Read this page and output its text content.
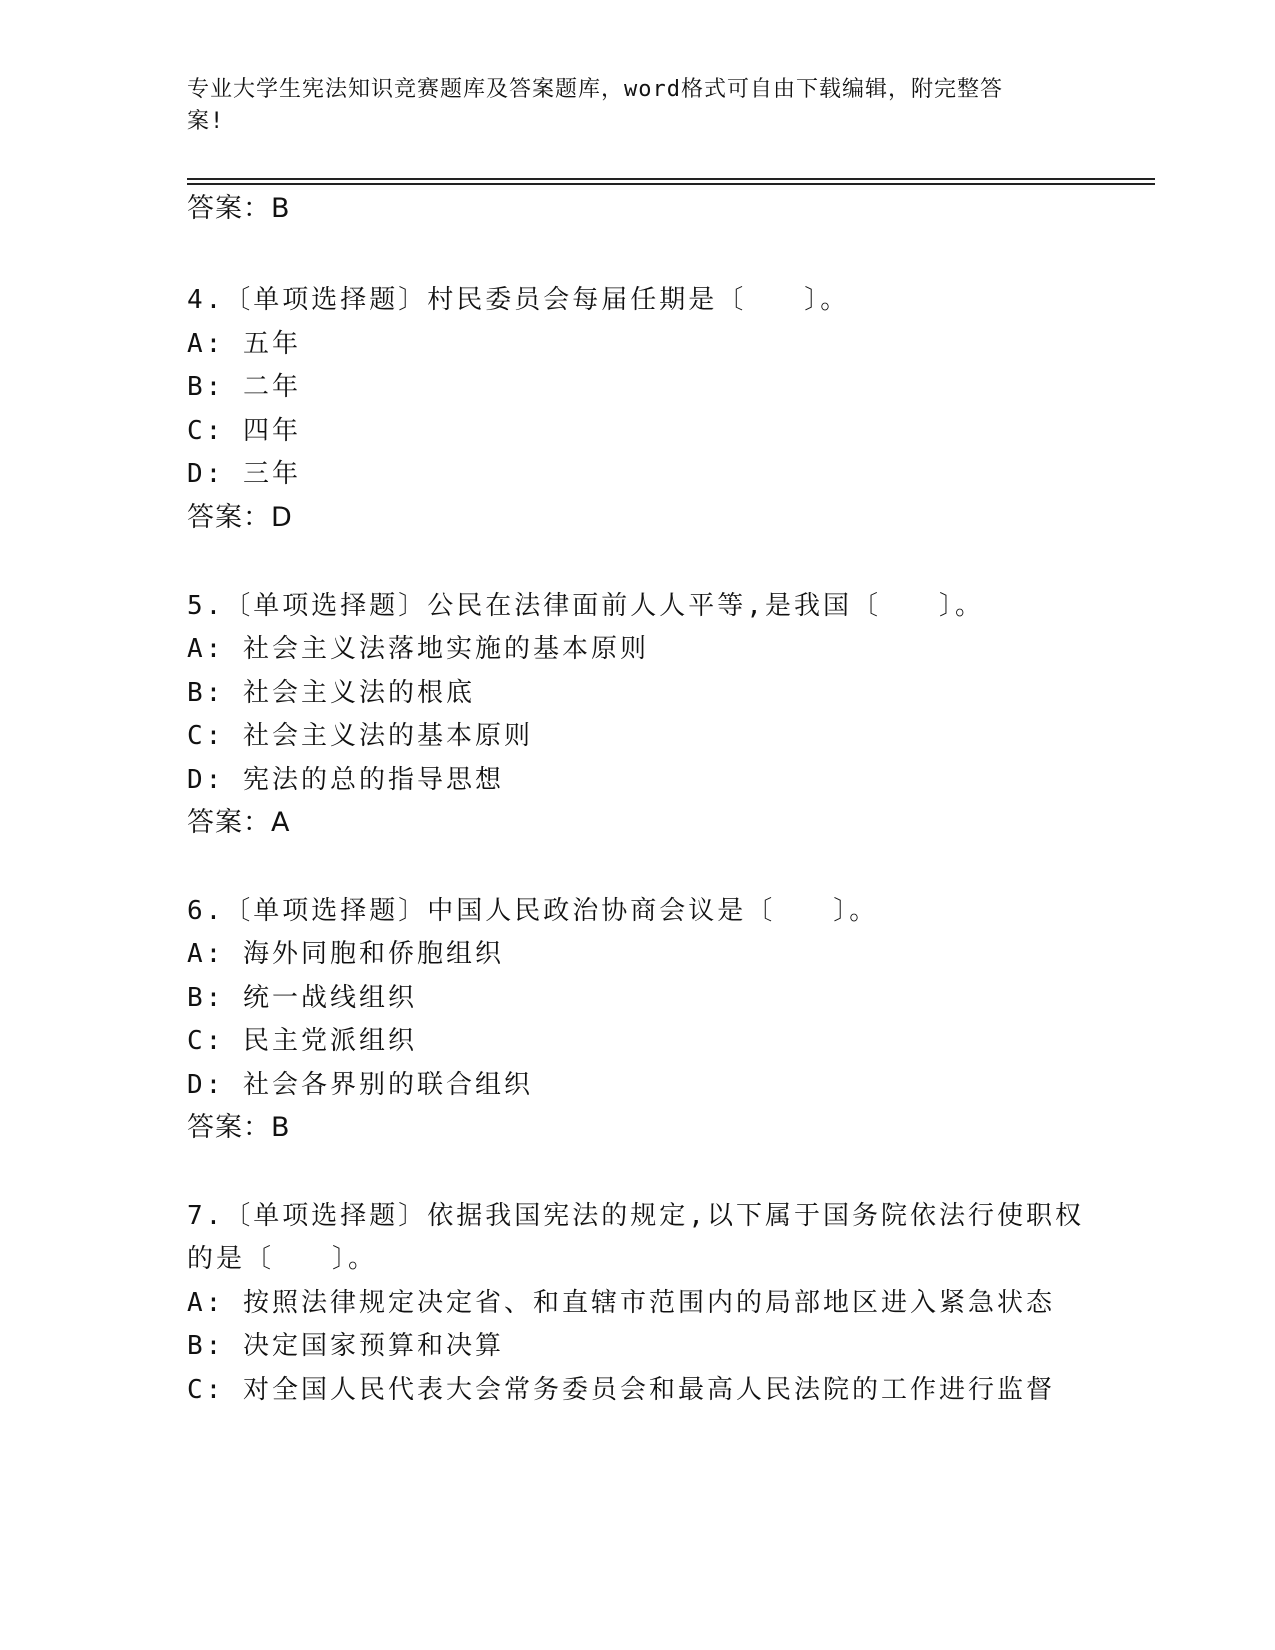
专业大学生宪法知识竞赛题库及答案题库，word格式可自由下载编辑，附完整答
案!
答案：B
4.〔单项选择题〕村民委员会每届任期是〔　　〕。
A: 五年
B: 二年
C: 四年
D: 三年
答案：D
5.〔单项选择题〕公民在法律面前人人平等,是我国〔　　〕。
A: 社会主义法落地实施的基本原则
B: 社会主义法的根底
C: 社会主义法的基本原则
D: 宪法的总的指导思想
答案：A
6.〔单项选择题〕中国人民政治协商会议是〔　　〕。
A: 海外同胞和侨胞组织
B: 统一战线组织
C: 民主党派组织
D: 社会各界别的联合组织
答案：B
7.〔单项选择题〕依据我国宪法的规定,以下属于国务院依法行使职权
的是〔　　〕。
A: 按照法律规定决定省、和直辖市范围内的局部地区进入紧急状态
B: 决定国家预算和决算
C: 对全国人民代表大会常务委员会和最高人民法院的工作进行监督
